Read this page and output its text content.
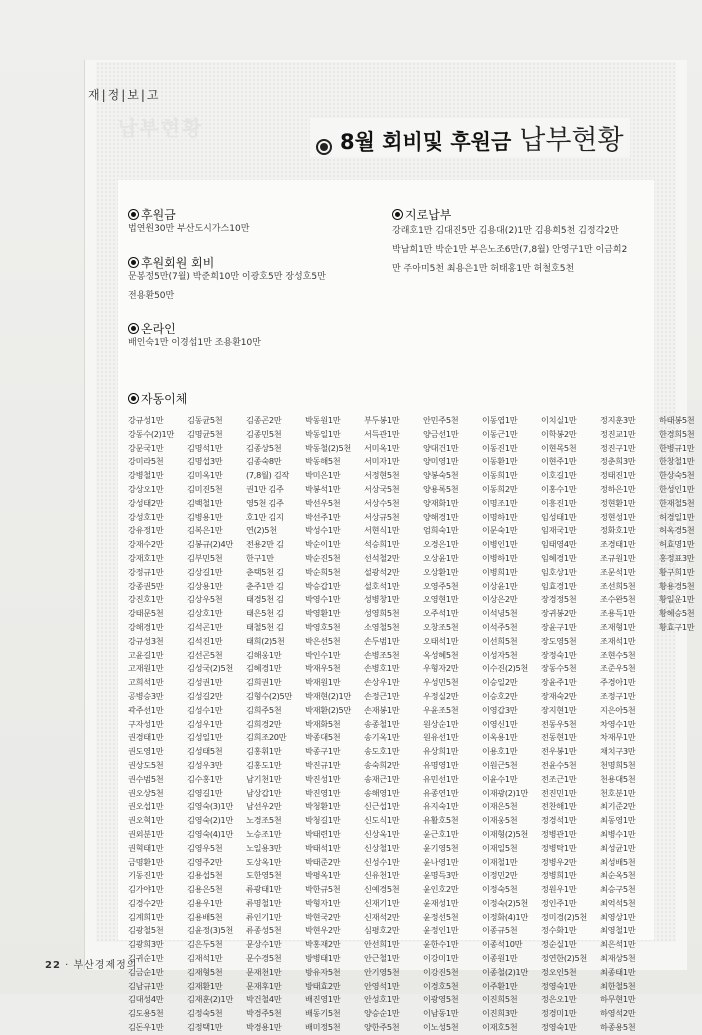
재|정|보|고
납부현황
8월 회비및 후원금 납부현황
후원금
법연원30만 부산도시가스10만
후원회원 회비
문봉정5만(7월) 박준희10만 이광호5만 장성호5만
전용환50만
온라인
배인숙1만 이경섭1만 조용환10만
지로납부
강래호1만 김대진5만 김용대(2)1만 김용희5천 김정각2만
박남희1만 박순1만 부은노조6만(7,8월) 안영구1만 이금희2
만 주아미5천 최용은1만 허태홍1만 허철호5천
자동이체
강규성1만
강동수(2)1만
강문국1만
강미라5천
강병철1만
강상오1만
강성태2만
강성호1만
강유정1만
강재수2만
강재호1만
강정규1만
강종권5만
강진호1만
강태문5천
강해경1만
강규성3천
고윤길1만
고재원1만
고희석1만
공병승3만
곽주선1만
구자성1만
권경태1만
권도영1만
권상도5천
권수범5천
권오상5천
권오섭1만
권오혁1만
권외분1만
권혁태1만
금명환1만
기동진1만
김가야1만
김경수2만
김계희1만
김광철5천
김광희3만
김귀순1만
김금순1만
김남규1만
김대성4만
김도용5천
김돈우1만
김동균5천
김명균5천
김명석1만
김명섭3만
김미옥1만
김미진5천
김백철1만
김병용1만
김복은1만
김봉규(2)4만
김부민5천
김상길1만
김상용1만
김상우5천
김상호1만
김석곤1만
김석진1만
김선곤5천
김성국(2)5천
김성권1만
김성길2만
김성수1만
김성우1만
김성일1만
김성태5천
김성우3만
김수홍1만
김영길1만
김영숙(3)1만
김영숙(2)1만
김영숙(4)1만
김영우5천
김영주2만
김용섭5천
김용은5천
김용우1만
김용배5천
김윤정(3)5천
김은두5천
김재석1만
김재형5천
김재환1만
김재훈(2)1만
김정숙5천
김정택1만
김종곤2만
김종민5천
김종상5천
김종숙8만
(7,8월) 김작
권1만 김주
영5천 김주
호1만 김지
연(2)5천
전용2만 김
한구1만
춘택5천 김
춘주1만 김
태경5천 김
태은5천 김
태철5천 김
태희(2)5천
김해웅1만
김혜경1만
김희권1만
김형수(2)5만
김희주5천
김희경2만
김희조20만
김홍휘1만
김홍도1만
남기천1만
남상갑1만
남선우2만
노경조5천
노승조1만
노일용3만
도상옥1만
도한영5천
류광태1만
류명철1만
류인기1만
류종성5천
문상수1만
문수경5천
문재천1만
문재후1만
박건철4만
박경주5천
박경용1만
박동원1만
박동일1만
박동철(2)5천
박동해5천
박미은1만
박봉석1만
박선우5천
박선주1만
박성수1만
박순이1만
박순진5천
박순희5천
박승갑1만
박영수1만
박영환1만
박영호5천
박은선5천
박인수1만
박재우5천
박재원1만
박재현(2)1만
박재환(2)5만
박재화5천
박종대5천
박종구1만
박진규1만
박진성1만
박진영1만
박청환1만
박청길1만
박태련1만
박태석1만
박태준2만
박평옥1만
박한규5천
박형자1만
박현국2만
박현우2만
박홍재2만
방병태1만
방유자5천
방태효2만
배진영1만
배동기5천
배미정5천
부두봉1만
서득관1만
서미옥1만
서미자1만
서정현5천
서상국5천
서상수5천
서상규5천
서현식1만
석승희1만
선석철2만
설광석2만
설호석1만
성병창1만
성영희5천
소영철5천
손두범1만
손병조5천
손병호1만
손상우1만
손정근1만
손재봉1만
송종철1만
송기옥1만
송도호1만
송숙희2만
송재근1만
송해영1만
신근섭1만
신도식1만
신상욱1만
신상철1만
신성수1만
신유천1만
신예경5천
신재기1만
신재석2만
심평호2만
안선희1만
안근철1만
안기영5천
안영석1만
안성호1만
양승순1만
양한주5천
안민주5천
양금선1만
양대건1만
양미영1만
양봉숙5천
양용록5천
양재화1만
양해경1만
엄희숙1만
오경은1만
오상윤1만
오상환1만
오영주5천
오영현1만
오주석1만
오창조5천
오태석1만
옥성혜5천
우형자2만
우성민5천
우정실2만
우윤조5천
원상순1만
원유선1만
유상희1만
유명영1만
유민선1만
유종연1만
유지숙1만
유활호5천
윤근호1만
윤기영5천
윤나영1만
윤명득3만
윤인호2만
윤재성1만
윤정선5천
윤정인1만
윤한수1만
이강미1만
이강진5천
이경호5천
이광영5천
이남동1만
이노성5천
이동엽1만
이동근1만
이동진1만
이동환1만
이동희1만
이동희2만
이명조1만
이명하1만
이문숙1만
이병인1만
이병하1만
이병희1만
이상윤1만
이상은2만
이석녕5천
이석주5천
이선희5천
이성자5천
이수진(2)5천
이승일2만
이승호2만
이영갑3만
이영신1만
이옥용1만
이용호1만
이원근5천
이윤수1만
이재광(2)1만
이재은5천
이재웅5천
이재형(2)5천
이재일5천
이재철1만
이정민2만
이정숙5천
이정숙(2)5천
이정화(4)1만
이종규5천
이종석10만
이종원1만
이종철(2)1만
이주환1만
이진희5천
이진희3만
이재호5천
이치실1만
이학봉2만
이현목5천
이현주1만
이호길1만
이홍수1만
이흥진1만
임성태1만
임재국1만
임태영4만
임혜경1만
임호상1만
임효경1만
장경정5천
장귀봉2만
장윤구1만
장도영5천
장정숙1만
장동수5천
장윤주1만
장재숙2만
장지현1만
전동우5천
전동현1만
전우봉1만
전윤수5천
전조근1만
전진민1만
전찬해1만
정경석1만
정병관1만
정병탁1만
정병우2만
정병희1만
정원우1만
정인주1만
정미경(2)5천
정수화1만
정순실1만
정연한(2)5천
정오인5천
정영숙1만
정은오1만
정경미1만
정영숙1만
정지훈3만
정진교1만
정진구1만
정춘희3만
정태진1만
정하은1만
정현환1만
정현성1만
정화호1만
조경태1만
조규원1만
조문석1만
조선희5천
조수완5천
조용득1만
조재형1만
조재석1만
조현수5천
조준우5천
주경아1만
조정구1만
지은아5천
차영수1만
차재무1만
채치구3만
천명희5천
천용대5천
천호분1만
최기준2만
최동영1만
최병수1만
최성균1만
최성배5천
최순옥5천
최승구5천
최억석5천
최영상1만
최영철1만
최은석1만
최재상5천
최종태1만
최한철5천
하무현1만
하영석2만
하종용5천
하태봉5천
한경희5천
한병규1만
한창철1만
한상숙5천
한성인1만
한재철5천
허경일1만
허옥경5천
허효명1만
홍정표3만
황구희1만
황용경5천
황일운1만
황혜승5천
황효구1만
22 · 부산경제정의
